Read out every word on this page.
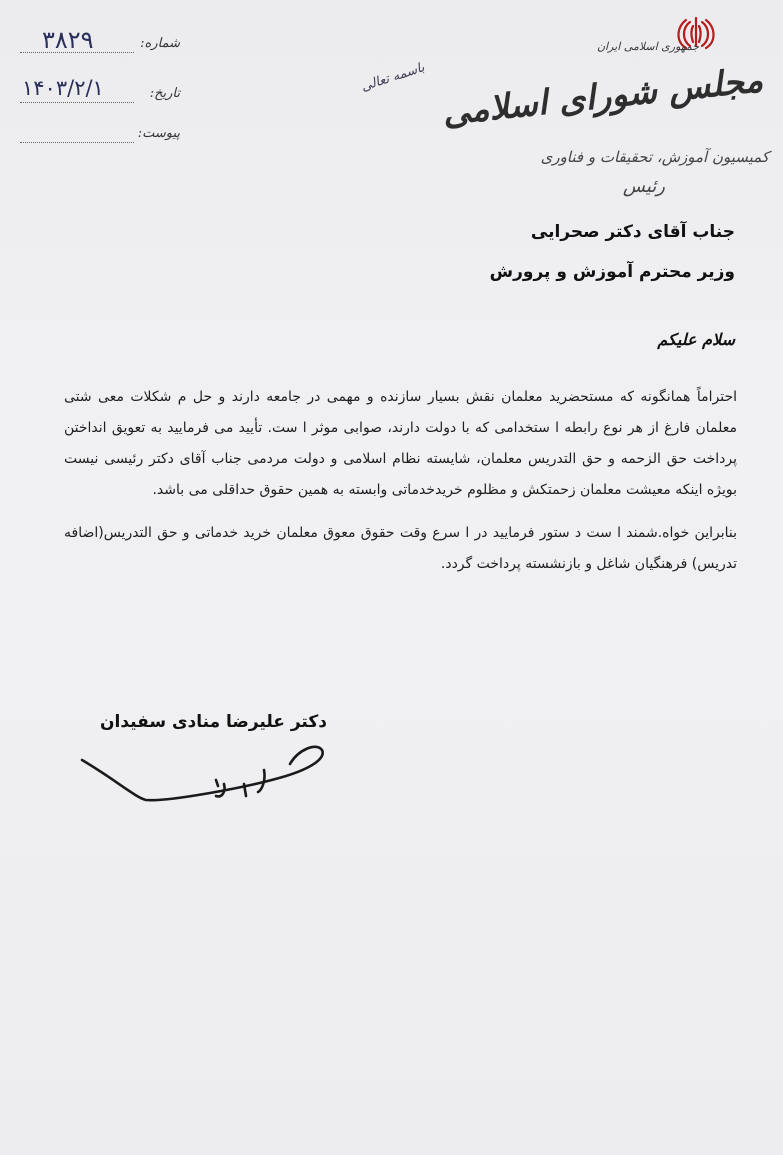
شماره:
۳۸۲۹
تاریخ:
۱۴۰۳/۲/۱
پیوست:
باسمه تعالی
جمهوری اسلامی ایران
مجلس شورای اسلامی
کمیسیون آموزش، تحقیقات و فناوری
رئیس
جناب آقای دکتر صحرایی
وزیر محترم آموزش و پرورش
سلام علیکم

احتراماً همانگونه که مستحضرید معلمان نقش بسیار سازنده و مهمی در جامعه دارند و حل م شکلات معی شتی معلمان فارغ از هر نوع رابطه ا ستخدامی که با دولت دارند، صوابی موثر ا ست. تأیید می فرمایید به تعویق انداختن پرداخت حق الزحمه و حق التدریس معلمان، شایسته نظام اسلامی و دولت مردمی جناب آقای دکتر رئیسی نیست بویژه اینکه معیشت معلمان زحمتکش و مظلوم خریدخدماتی وابسته به همین حقوق حداقلی می باشد.

بنابراین خواه.شمند ا ست د ستور فرمایید در ا سرع وقت حقوق معوق معلمان خرید خدماتی و حق التدریس(اضافه تدریس) فرهنگیان شاغل و بازنشسته پرداخت گردد.

دکتر علیرضا منادی سفیدان
